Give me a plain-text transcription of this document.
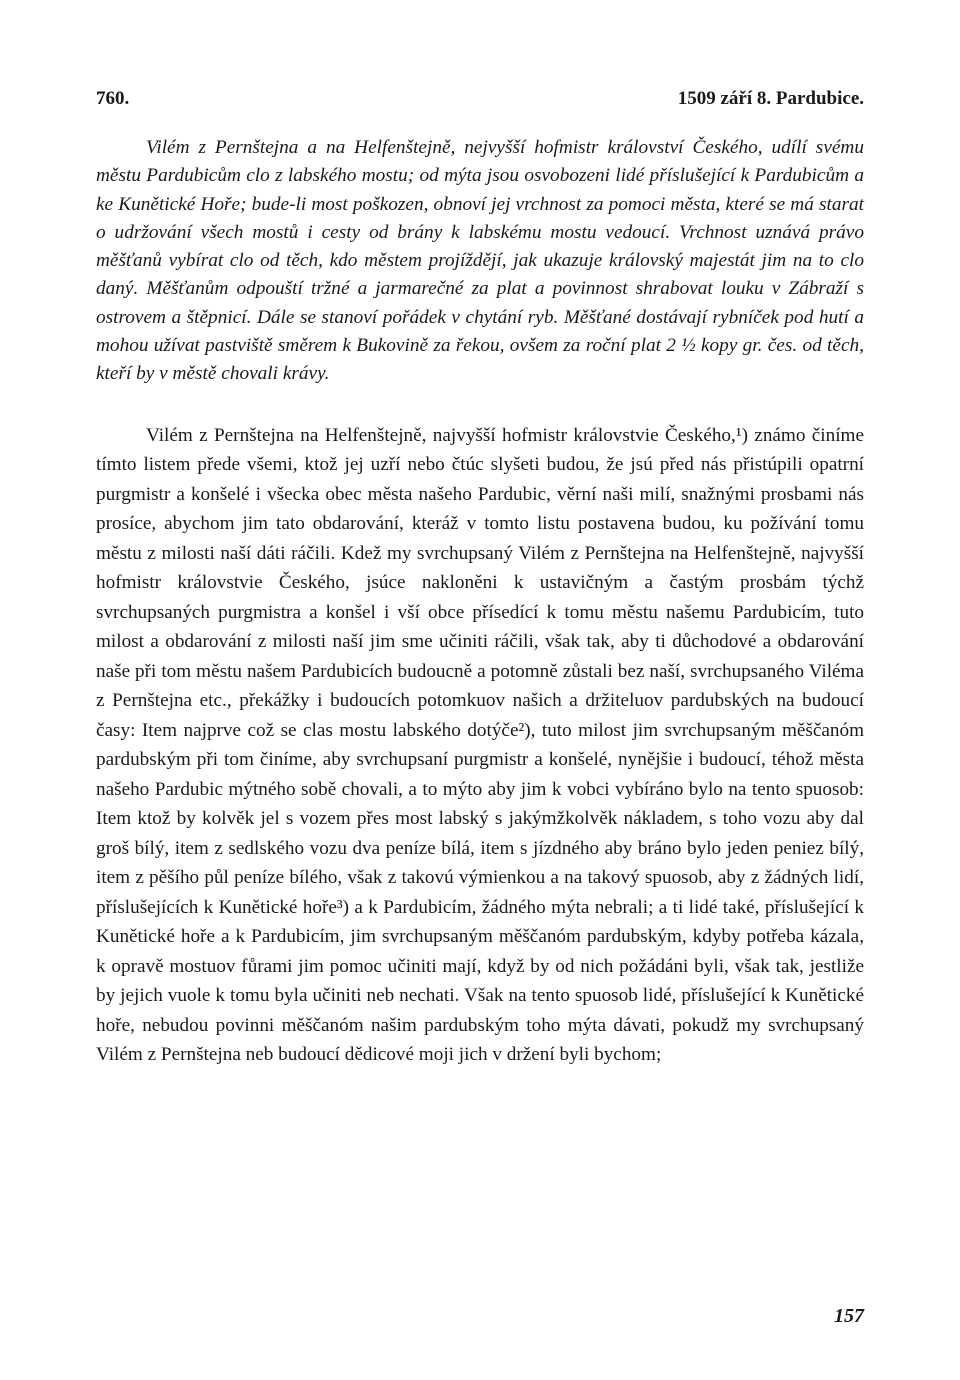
760.	1509 září 8. Pardubice.

Vilém z Pernštejna a na Helfenštejně, nejvyšší hofmistr království Českého, udílí svému městu Pardubicům clo z labského mostu; od mýta jsou osvobozeni lidé příslušející k Pardubicům a ke Kunětické Hoře; bude-li most poškozen, obnoví jej vrchnost za pomoci města, které se má starat o udržování všech mostů i cesty od brány k labskému mostu vedoucí. Vrchnost uznává právo měšťanů vybírat clo od těch, kdo městem projíždějí, jak ukazuje královský majestát jim na to clo daný. Měšťanům odpouští tržné a jarmarečné za plat a povinnost shrabovat louku v Zábraží s ostrovem a štěpnicí. Dále se stanoví pořádek v chytání ryb. Měšťané dostávají rybníček pod hutí a mohou užívat pastviště směrem k Bukovině za řekou, ovšem za roční plat 2 ½ kopy gr. čes. od těch, kteří by v městě chovali krávy.

Vilém z Pernštejna na Helfenštejně, najvyšší hofmistr královstvie Českého,¹) známo činíme tímto listem přede všemi, ktož jej uzří nebo čtúc slyšeti budou, že jsú před nás přistúpili opatrní purgmistr a konšelé i všecka obec města našeho Pardubic, věrní naši milí, snažnými prosbami nás prosíce, abychom jim tato obdarování, kteráž v tomto listu postavena budou, ku požívání tomu městu z milosti naší dáti ráčili. Kdež my svrchupsaný Vilém z Pernštejna na Helfenštejně, najvyšší hofmistr královstvie Českého, jsúce nakloněni k ustavičným a častým prosbám týchž svrchupsaných purgmistra a konšel i vší obce přísedící k tomu městu našemu Pardubicím, tuto milost a obdarování z milosti naší jim sme učiniti ráčili, však tak, aby ti důchodové a obdarování naše při tom městu našem Pardubicích budoucně a potomně zůstali bez naší, svrchupsaného Viléma z Pernštejna etc., překážky i budoucích potomkuov našich a držiteluov pardubských na budoucí časy: Item najprve což se clas mostu labského dotýče²), tuto milost jim svrchupsaným měščanóm pardubským při tom činíme, aby svrchupsaní purgmistr a konšelé, nynějšie i budoucí, téhož města našeho Pardubic mýtného sobě chovali, a to mýto aby jim k vobci vybíráno bylo na tento spuosob: Item ktož by kolvěk jel s vozem přes most labský s jakýmžkolvěk nákladem, s toho vozu aby dal groš bílý, item z sedlského vozu dva peníze bílá, item s jízdného aby bráno bylo jeden peniez bílý, item z pěšího půl peníze bílého, však z takovú výmienkou a na takový spuosob, aby z žádných lidí, příslušejících k Kunětické hoře³) a k Pardubicím, žádného mýta nebrali; a ti lidé také, příslušející k Kunětické hoře a k Pardubicím, jim svrchupsaným měščanóm pardubským, kdyby potřeba kázala, k opravě mostuov fůrami jim pomoc učiniti mají, když by od nich požádáni byli, však tak, jestliže by jejich vuole k tomu byla učiniti neb nechati. Však na tento spuosob lidé, příslušející k Kunětické hoře, nebudou povinni měščanóm našim pardubským toho mýta dávati, pokudž my svrchupsaný Vilém z Pernštejna neb budoucí dědicové moji jich v držení byli bychom;

157
